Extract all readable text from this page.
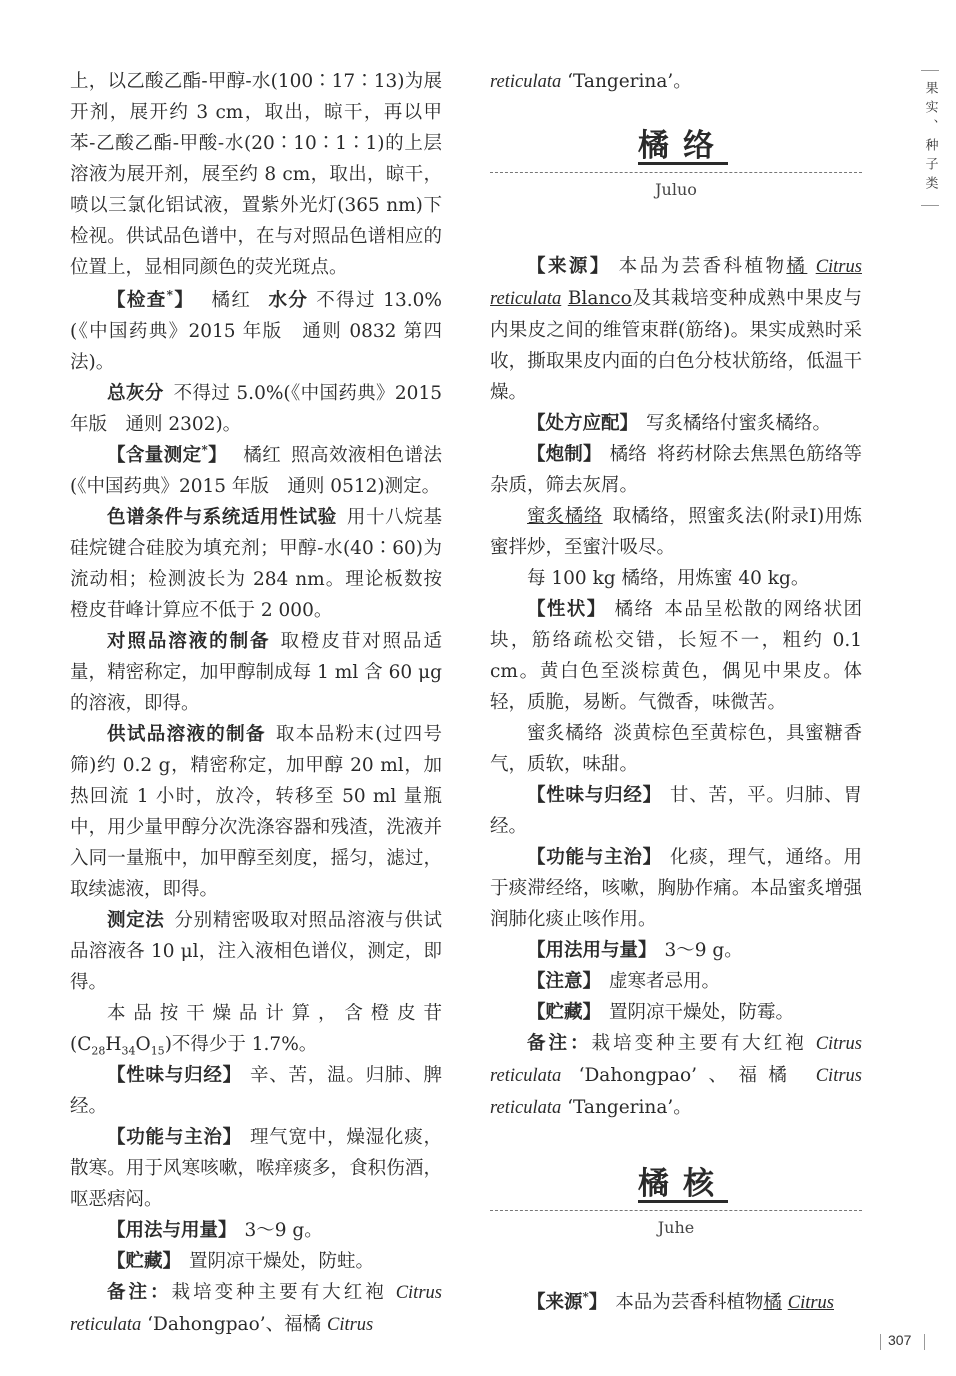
上，以乙酸乙酯-甲醇-水(100∶17∶13)为展开剂，展开约 3 cm，取出，晾干，再以甲苯-乙酸乙酯-甲酸-水(20∶10∶1∶1)的上层溶液为展开剂，展至约 8 cm，取出，晾干，喷以三氯化铝试液，置紫外光灯(365 nm)下检视。供试品色谱中，在与对照品色谱相应的位置上，显相同颜色的荧光斑点。

【检查*】 橘红 水分 不得过 13.0%(《中国药典》2015 年版　通则 0832 第四法)。

总灰分 不得过 5.0%(《中国药典》2015 年版　通则 2302)。

【含量测定*】 橘红 照高效液相色谱法(《中国药典》2015 年版　通则 0512)测定。

色谱条件与系统适用性试验 用十八烷基硅烷键合硅胶为填充剂；甲醇-水(40∶60)为流动相；检测波长为 284 nm。理论板数按橙皮苷峰计算应不低于 2 000。

对照品溶液的制备 取橙皮苷对照品适量，精密称定，加甲醇制成每 1 ml 含 60 μg 的溶液，即得。

供试品溶液的制备 取本品粉末(过四号筛)约 0.2 g，精密称定，加甲醇 20 ml，加热回流 1 小时，放冷，转移至 50 ml 量瓶中，用少量甲醇分次洗涤容器和残渣，洗液并入同一量瓶中，加甲醇至刻度，摇匀，滤过，取续滤液，即得。

测定法 分别精密吸取对照品溶液与供试品溶液各 10 μl，注入液相色谱仪，测定，即得。

本品按干燥品计算，含橙皮苷$(C_{28}H_{34}O_{15})$不得少于 1.7%。

【性味与归经】 辛、苦，温。归肺、脾经。

【功能与主治】 理气宽中，燥湿化痰，散寒。用于风寒咳嗽，喉痒痰多，食积伤酒，呕恶痞闷。

【用法与用量】 3～9 g。

【贮藏】 置阴凉干燥处，防蛀。

备注：栽培变种主要有大红袍 Citrus reticulata ‘Dahongpao’、福橘 Citrus

reticulata ‘Tangerina’。

橘络
Juluo

【来源】 本品为芸香科植物橘 Citrus reticulata Blanco及其栽培变种成熟中果皮与内果皮之间的维管束群(筋络)。果实成熟时采收，撕取果皮内面的白色分枝状筋络，低温干燥。

【处方应配】 写炙橘络付蜜炙橘络。

【炮制】 橘络 将药材除去焦黑色筋络等杂质，筛去灰屑。

蜜炙橘络 取橘络，照蜜炙法(附录Ⅰ)用炼蜜拌炒，至蜜汁吸尽。

每 100 kg 橘络，用炼蜜 40 kg。

【性状】 橘络 本品呈松散的网络状团块，筋络疏松交错，长短不一，粗约 0.1 cm。黄白色至淡棕黄色，偶见中果皮。体轻，质脆，易断。气微香，味微苦。

蜜炙橘络 淡黄棕色至黄棕色，具蜜糖香气，质软，味甜。

【性味与归经】 甘、苦，平。归肺、胃经。

【功能与主治】 化痰，理气，通络。用于痰滞经络，咳嗽，胸胁作痛。本品蜜炙增强润肺化痰止咳作用。

【用法用与量】 3～9 g。

【注意】 虚寒者忌用。

【贮藏】 置阴凉干燥处，防霉。

备注：栽培变种主要有大红袍 Citrus reticulata ‘Dahongpao’、福橘 Citrus reticulata ‘Tangerina’。

橘核
Juhe

【来源*】 本品为芸香科植物橘 Citrus

果实、种子类
307
